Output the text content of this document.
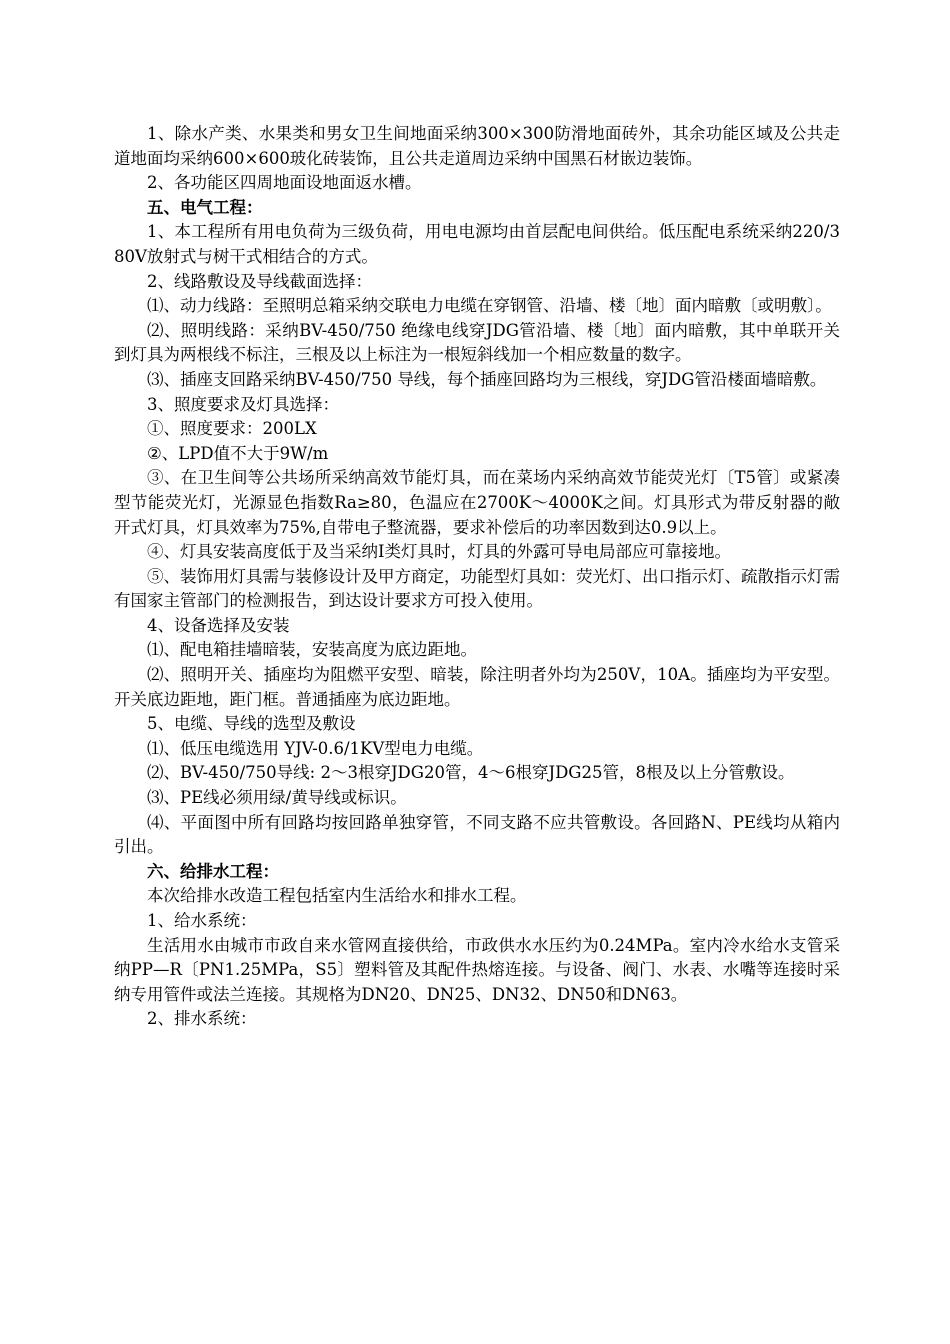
1、除水产类、水果类和男女卫生间地面采纳300×300防滑地面砖外，其余功能区域及公共走道地面均采纳600×600玻化砖装饰，且公共走道周边采纳中国黑石材嵌边装饰。

2、各功能区四周地面设地面返水槽。

五、电气工程：

1、本工程所有用电负荷为三级负荷，用电电源均由首层配电间供给。低压配电系统采纳220/380V放射式与树干式相结合的方式。

2、线路敷设及导线截面选择：

⑴、动力线路：至照明总箱采纳交联电力电缆在穿钢管、沿墙、楼〔地〕面内暗敷〔或明敷〕。

⑵、照明线路：采纳BV-450/750 绝缘电线穿JDG管沿墙、楼〔地〕面内暗敷，其中单联开关到灯具为两根线不标注，三根及以上标注为一根短斜线加一个相应数量的数字。

⑶、插座支回路采纳BV-450/750 导线，每个插座回路均为三根线，穿JDG管沿楼面墙暗敷。

3、照度要求及灯具选择：

①、照度要求：200LX

②、LPD值不大于9W/m

③、在卫生间等公共场所采纳高效节能灯具，而在菜场内采纳高效节能荧光灯〔T5管〕或紧凑型节能荧光灯，光源显色指数Ra≥80，色温应在2700K～4000K之间。灯具形式为带反射器的敞开式灯具，灯具效率为75%,自带电子整流器，要求补偿后的功率因数到达0.9以上。

④、灯具安装高度低于及当采纳Ⅰ类灯具时，灯具的外露可导电局部应可靠接地。

⑤、装饰用灯具需与装修设计及甲方商定，功能型灯具如：荧光灯、出口指示灯、疏散指示灯需有国家主管部门的检测报告，到达设计要求方可投入使用。

4、设备选择及安装

⑴、配电箱挂墙暗装，安装高度为底边距地。

⑵、照明开关、插座均为阻燃平安型、暗装，除注明者外均为250V，10A。插座均为平安型。开关底边距地，距门框。普通插座为底边距地。

5、电缆、导线的选型及敷设

⑴、低压电缆选用 YJV-0.6/1KV型电力电缆。

⑵、BV-450/750导线: 2～3根穿JDG20管，4～6根穿JDG25管，8根及以上分管敷设。

⑶、PE线必须用绿/黄导线或标识。

⑷、平面图中所有回路均按回路单独穿管，不同支路不应共管敷设。各回路N、PE线均从箱内引出。

六、给排水工程：

本次给排水改造工程包括室内生活给水和排水工程。

1、给水系统：

生活用水由城市市政自来水管网直接供给，市政供水水压约为0.24MPa。室内冷水给水支管采纳PP—R〔PN1.25MPa，S5〕塑料管及其配件热熔连接。与设备、阀门、水表、水嘴等连接时采纳专用管件或法兰连接。其规格为DN20、DN25、DN32、DN50和DN63。

2、排水系统：
